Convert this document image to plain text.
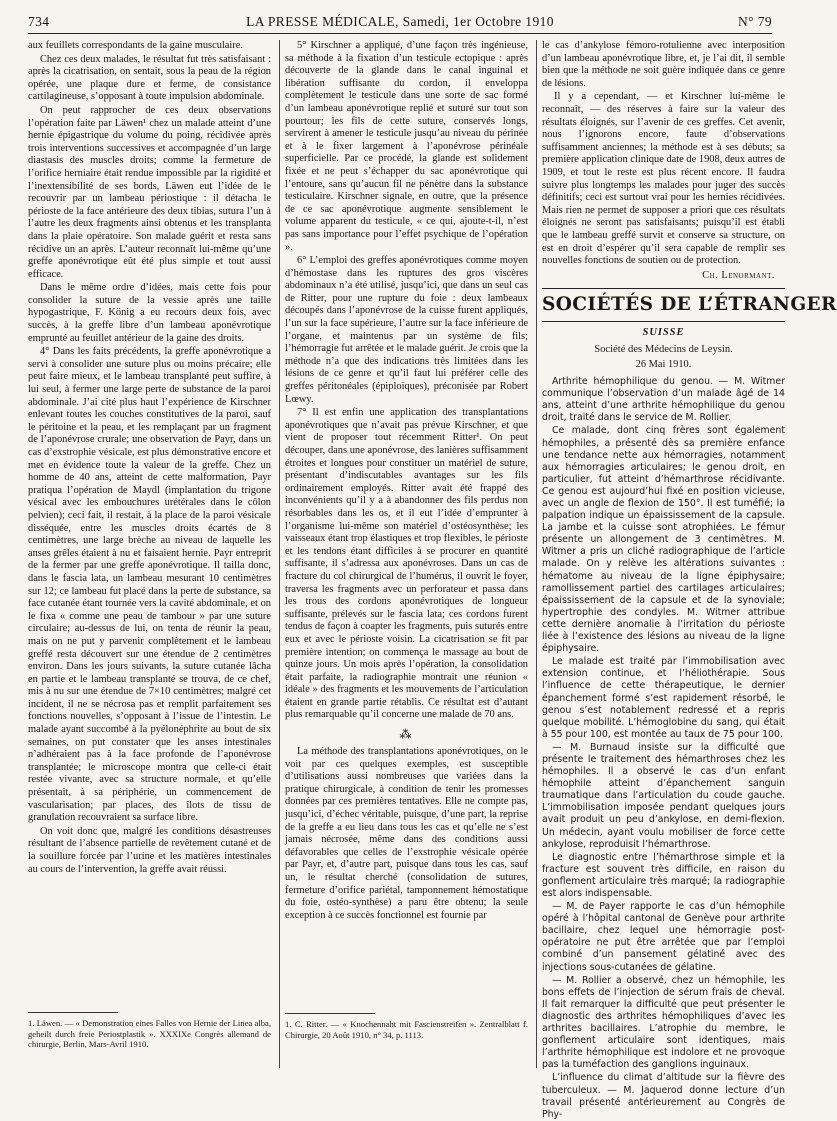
734	LA PRESSE MÉDICALE, Samedi, 1er Octobre 1910	N° 79

aux feuillets correspondants de la gaine musculaire.

Chez ces deux malades, le résultat fut très satisfaisant : après la cicatrisation, on sentait, sous la peau de la région opérée, une plaque dure et ferme, de consistance cartilagineuse, s’opposant à toute impulsion abdominale.

On peut rapprocher de ces deux observations l’opération faite par Läwen¹ chez un malade atteint d’une hernie épigastrique du volume du poing, récidivée après trois interventions successives et accompagnée d’un large diastasis des muscles droits; comme la fermeture de l’orifice herniaire était rendue impossible par la rigidité et l’inextensibilité de ses bords, Läwen eut l’idée de le recouvrir par un lambeau périostique : il détacha le périoste de la face antérieure des deux tibias, sutura l’un à l’autre les deux fragments ainsi obtenus et les transplanta dans la plaie opératoire. Son malade guérit et resta sans récidive un an après. L’auteur reconnaît lui-même qu’une greffe aponévrotique eût été plus simple et tout aussi efficace.

Dans le même ordre d’idées, mais cette fois pour consolider la suture de la vessie après une taille hypogastrique, F. König a eu recours deux fois, avec succès, à la greffe libre d’un lambeau aponévrotique emprunté au feuillet antérieur de la gaine des droits.

4° Dans les faits précédents, la greffe aponévrotique a servi à consolider une suture plus ou moins précaire; elle peut faire mieux, et le lambeau transplanté peut suffire, à lui seul, à fermer une large perte de substance de la paroi abdominale. J’ai cité plus haut l’expérience de Kirschner enlevant toutes les couches constitutives de la paroi, sauf le péritoine et la peau, et les remplaçant par un fragment de l’aponévrose crurale; une observation de Payr, dans un cas d’exstrophie vésicale, est plus démonstrative encore et met en évidence toute la valeur de la greffe. Chez un homme de 40 ans, atteint de cette malformation, Payr pratiqua l’opération de Maydl (implantation du trigone vésical avec les embouchures urétérales dans le côlon pelvien); ceci fait, il restait, à la place de la paroi vésicale disséquée, entre les muscles droits écartés de 8 centimètres, une large brèche au niveau de laquelle les anses grêles étaient à nu et faisaient hernie. Payr entreprit de la fermer par une greffe aponévrotique. Il tailla donc, dans le fascia lata, un lambeau mesurant 10 centimètres sur 12; ce lambeau fut placé dans la perte de substance, sa face cutanée étant tournée vers la cavité abdominale, et on le fixa « comme une peau de tambour » par une suture circulaire; au-dessus de lui, on tenta de réunir la peau, mais on ne put y parvenir complètement et le lambeau greffé resta découvert sur une étendue de 2 centimètres environ. Dans les jours suivants, la suture cutanée lâcha en partie et le lambeau transplanté se trouva, de ce chef, mis à nu sur une étendue de 7×10 centimètres; malgré cet incident, il ne se nécrosa pas et remplit parfaitement ses fonctions nouvelles, s’opposant à l’issue de l’intestin. Le malade ayant succombé à la pyélonéphrite au bout de six semaines, on put constater que les anses intestinales n’adhéraient pas à la face profonde de l’aponévrose transplantée; le microscope montra que celle-ci était restée vivante, avec sa structure normale, et qu’elle présentait, à sa périphérie, un commencement de vascularisation; par places, des îlots de tissu de granulation recouvraient sa surface libre.

On voit donc que, malgré les conditions désastreuses résultant de l’absence partielle de revêtement cutané et de la souillure forcée par l’urine et les matières intestinales au cours de l’intervention, la greffe avait réussi.

5° Kirschner a appliqué, d’une façon très ingénieuse, sa méthode à la fixation d’un testicule ectopique : après découverte de la glande dans le canal inguinal et libération suffisante du cordon, il enveloppa complètement le testicule dans une sorte de sac formé d’un lambeau aponévrotique replié et suturé sur tout son pourtour; les fils de cette suture, conservés longs, servirent à amener le testicule jusqu’au niveau du périnée et à le fixer largement à l’aponévrose périnéale superficielle. Par ce procédé, la glande est solidement fixée et ne peut s’échapper du sac aponévrotique qui l’entoure, sans qu’aucun fil ne pénètre dans la substance testiculaire. Kirschner signale, en outre, que la présence de ce sac aponévrotique augmente sensiblement le volume apparent du testicule, « ce qui, ajoute-t-il, n’est pas sans importance pour l’effet psychique de l’opération ».

6° L’emploi des greffes aponévrotiques comme moyen d’hémostase dans les ruptures des gros viscères abdominaux n’a été utilisé, jusqu’ici, que dans un seul cas de Ritter, pour une rupture du foie : deux lambeaux découpés dans l’aponévrose de la cuisse furent appliqués, l’un sur la face supérieure, l’autre sur la face inférieure de l’organe, et maintenus par un système de fils; l’hémorragie fut arrêtée et le malade guérit. Je crois que la méthode n’a que des indications très limitées dans les lésions de ce genre et qu’il faut lui préférer celle des greffes péritonéales (épiploïques), préconisée par Robert Lœwy.

7° Il est enfin une application des transplantations aponévrotiques que n’avait pas prévue Kirschner, et que vient de proposer tout récemment Ritter¹. On peut découper, dans une aponévrose, des lanières suffisamment étroites et longues pour constituer un matériel de suture, présentant d’indiscutables avantages sur les fils ordinairement employés. Ritter avait été frappé des inconvénients qu’il y a à abandonner des fils perdus non résorbables dans les os, et il eut l’idée d’emprunter à l’organisme lui-même son matériel d’ostéosynthèse; les vaisseaux étant trop élastiques et trop flexibles, le périoste et les tendons étant difficiles à se procurer en quantité suffisante, il s’adressa aux aponévroses. Dans un cas de fracture du col chirurgical de l’humérus, il ouvrit le foyer, traversa les fragments avec un perforateur et passa dans les trous des cordons aponévrotiques de longueur suffisante, prélevés sur le fascia lata; ces cordons furent tendus de façon à coapter les fragments, puis suturés entre eux et avec le périoste voisin. La cicatrisation se fit par première intention; on commença le massage au bout de quinze jours. Un mois après l’opération, la consolidation était parfaite, la radiographie montrait une réunion « idéale » des fragments et les mouvements de l’articulation étaient en grande partie rétablis. Ce résultat est d’autant plus remarquable qu’il concerne une malade de 70 ans.

⁂

La méthode des transplantations aponévrotiques, on le voit par ces quelques exemples, est susceptible d’utilisations aussi nombreuses que variées dans la pratique chirurgicale, à condition de tenir les promesses données par ces premières tentatives. Elle ne compte pas, jusqu’ici, d’échec véritable, puisque, d’une part, la reprise de la greffe a eu lieu dans tous les cas et qu’elle ne s’est jamais nécrosée, même dans des conditions aussi défavorables que celles de l’exstrophie vésicale opérée par Payr, et, d’autre part, puisque dans tous les cas, sauf un, le résultat cherché (consolidation de sutures, fermeture d’orifice pariétal, tamponnement hémostatique du foie, ostéo-synthèse) a paru être obtenu; la seule exception à ce succès fonctionnel est fournie par

le cas d’ankylose fémoro-rotulienne avec interposition d’un lambeau aponévrotique libre, et, je l’ai dit, il semble bien que la méthode ne soit guère indiquée dans ce genre de lésions.

Il y a cependant, — et Kirschner lui-même le reconnaît, — des réserves à faire sur la valeur des résultats éloignés, sur l’avenir de ces greffes. Cet avenir, nous l’ignorons encore, faute d’observations suffisamment anciennes; la méthode est à ses débuts; sa première application clinique date de 1908, deux autres de 1909, et tout le reste est plus récent encore. Il faudra suivre plus longtemps les malades pour juger des succès définitifs; ceci est surtout vrai pour les hernies récidivées. Mais rien ne permet de supposer a priori que ces résultats éloignés ne seront pas satisfaisants; puisqu’il est établi que le lambeau greffé survit et conserve sa structure, on est en droit d’espérer qu’il sera capable de remplir ses nouvelles fonctions de soutien ou de protection.

Ch. Lenormant.
SOCIÉTÉS DE L’ÉTRANGER
SUISSE
Société des Médecins de Leysin.
26 Mai 1910.

Arthrite hémophilique du genou. — M. Witmer communique l’observation d’un malade âgé de 14 ans, atteint d’une arthrite hémophilique du genou droit, traité dans le service de M. Rollier.

Ce malade, dont cinq frères sont également hémophiles, a présenté dès sa première enfance une tendance nette aux hémorragies, notamment aux hémorragies articulaires; le genou droit, en particulier, fut atteint d’hémarthrose récidivante. Ce genou est aujourd’hui fixé en position vicieuse, avec un angle de flexion de 150°. Il est tuméfié; la palpation indique un épaississement de la capsule. La jambe et la cuisse sont atrophiées. Le fémur présente un allongement de 3 centimètres. M. Witmer a pris un cliché radiographique de l’article malade. On y relève les altérations suivantes : hématome au niveau de la ligne épiphysaire; ramollissement partiel des cartilages articulaires; épaississement de la capsule et de la synoviale; hypertrophie des condyles. M. Witmer attribue cette dernière anomalie à l’irritation du périoste liée à l’existence des lésions au niveau de la ligne épiphysaire.

Le malade est traité par l’immobilisation avec extension continue, et l’héliothérapie. Sous l’influence de cette thérapeutique, le dernier épanchement formé s’est rapidement résorbé, le genou s’est notablement redressé et a repris quelque mobilité. L’hémoglobine du sang, qui était à 55 pour 100, est montée au taux de 75 pour 100.

— M. Burnaud insiste sur la difficulté que présente le traitement des hémarthroses chez les hémophiles. Il a observé le cas d’un enfant hémophile atteint d’épanchement sanguin traumatique dans l’articulation du coude gauche. L’immobilisation imposée pendant quelques jours avait produit un peu d’ankylose, en demi-flexion. Un médecin, ayant voulu mobiliser de force cette ankylose, reproduisit l’hémarthrose.

Le diagnostic entre l’hémarthrose simple et la fracture est souvent très difficile, en raison du gonflement articulaire très marqué; la radiographie est alors indispensable.

— M. de Payer rapporte le cas d’un hémophile opéré à l’hôpital cantonal de Genève pour arthrite bacillaire, chez lequel une hémorragie post-opératoire ne put être arrêtée que par l’emploi combiné d’un pansement gélatiné avec des injections sous-cutanées de gélatine.

— M. Rollier a observé, chez un hémophile, les bons effets de l’injection de sérum frais de cheval. Il fait remarquer la difficulté que peut présenter le diagnostic des arthrites hémophiliques d’avec les arthrites bacillaires. L’atrophie du membre, le gonflement articulaire sont identiques, mais l’arthrite hémophilique est indolore et ne provoque pas la tuméfaction des ganglions inguinaux.

L’influence du climat d’altitude sur la fièvre des tuberculeux. — M. Jaquerod donne lecture d’un travail présenté antérieurement au Congrès de Phy-

1. Läwen. — « Demonstration eines Falles von Hernie der Linea alba, geheilt durch freie Periostplastik ». XXXIXe Congrès allemand de chirurgie, Berlin, Mars-Avril 1910.
1. C. Ritter. — « Knochennaht mit Fascienstreifen ». Zentralblatt f. Chirurgie, 20 Août 1910, n° 34, p. 1113.
